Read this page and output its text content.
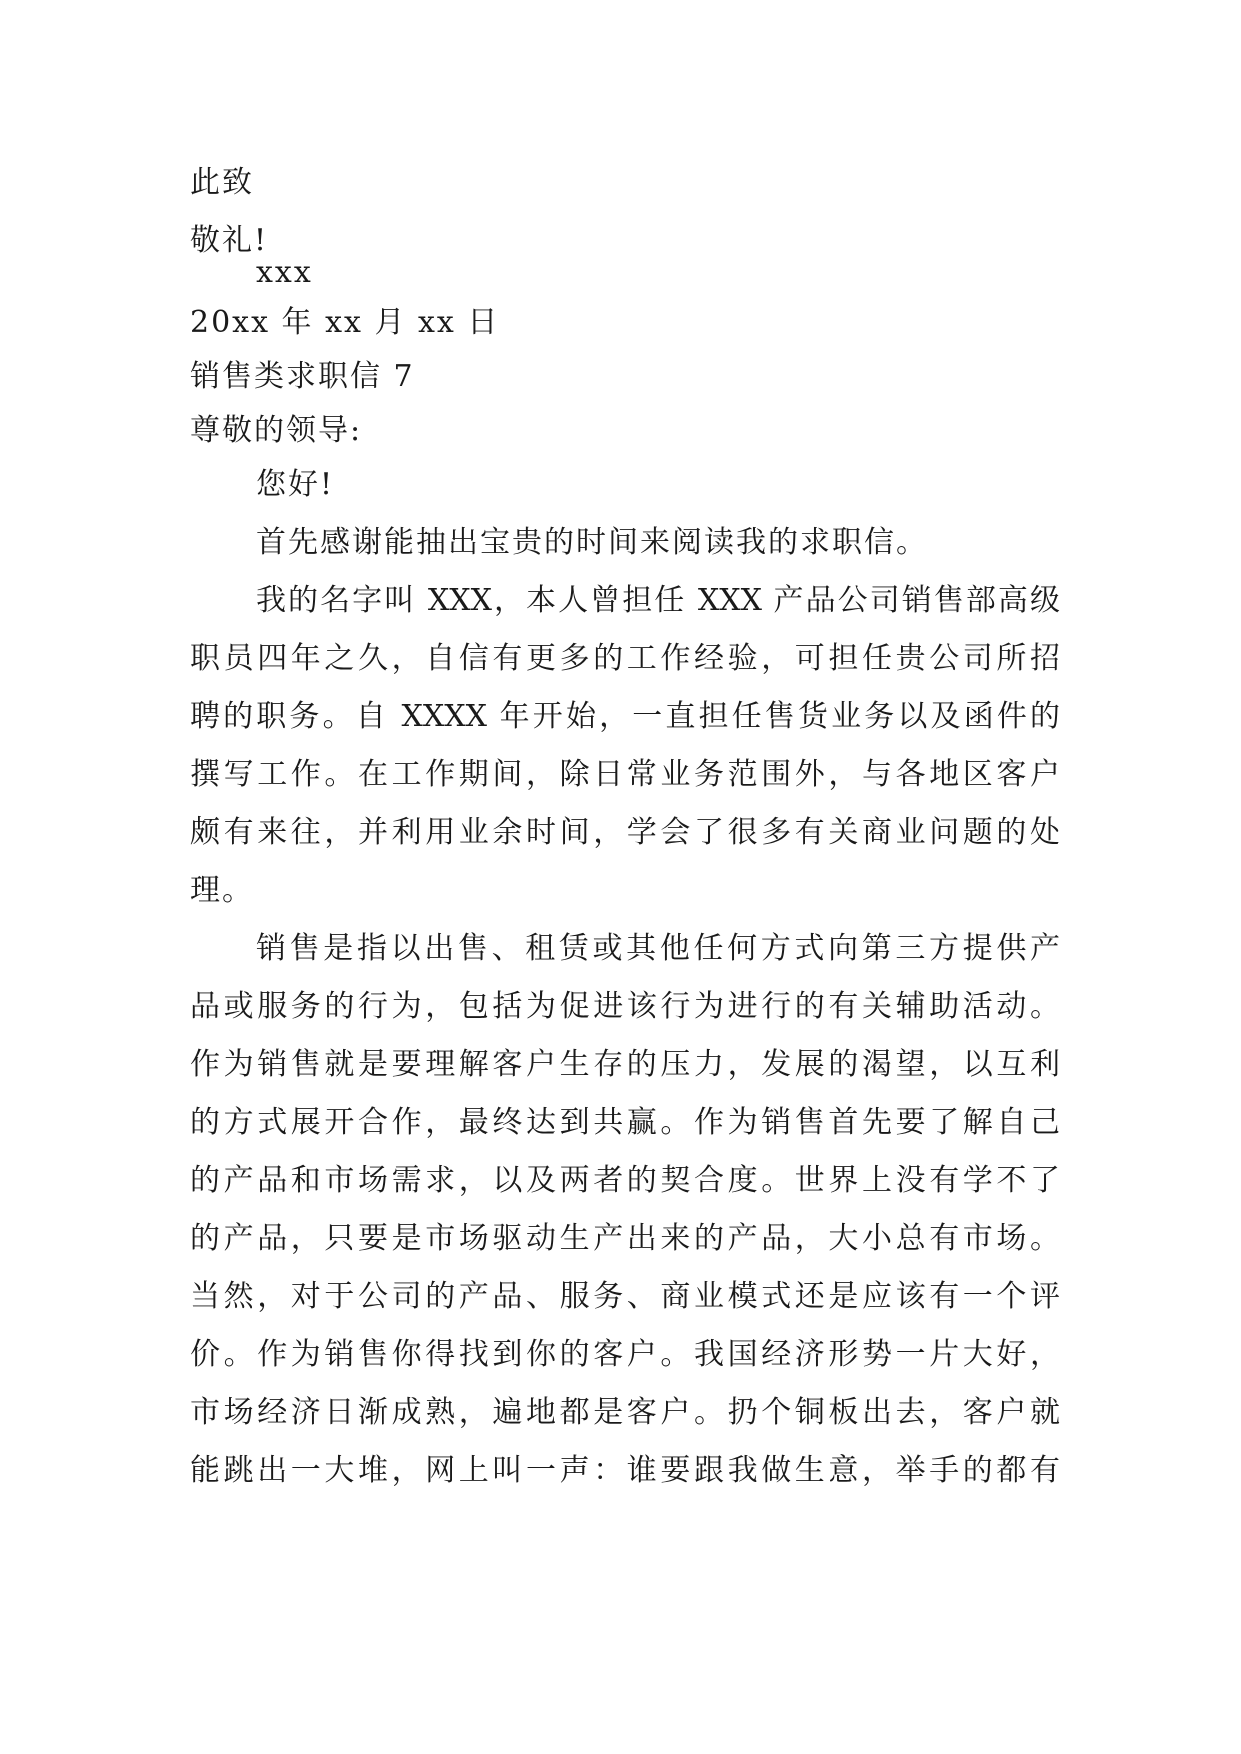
此致
敬礼!
xxx
20xx 年 xx 月 xx 日
销售类求职信 7
尊敬的领导:
您好!
首先感谢能抽出宝贵的时间来阅读我的求职信。
我的名字叫 XXX，本人曾担任 XXX 产品公司销售部高级
职员四年之久，自信有更多的工作经验，可担任贵公司所招
聘的职务。自 XXXX 年开始，一直担任售货业务以及函件的
撰写工作。在工作期间，除日常业务范围外，与各地区客户
颇有来往，并利用业余时间，学会了很多有关商业问题的处
理。
销售是指以出售、租赁或其他任何方式向第三方提供产
品或服务的行为，包括为促进该行为进行的有关辅助活动。
作为销售就是要理解客户生存的压力，发展的渴望，以互利
的方式展开合作，最终达到共赢。作为销售首先要了解自己
的产品和市场需求，以及两者的契合度。世界上没有学不了
的产品，只要是市场驱动生产出来的产品，大小总有市场。
当然，对于公司的产品、服务、商业模式还是应该有一个评
价。作为销售你得找到你的客户。我国经济形势一片大好，
市场经济日渐成熟，遍地都是客户。扔个铜板出去，客户就
能跳出一大堆，网上叫一声：谁要跟我做生意，举手的都有
